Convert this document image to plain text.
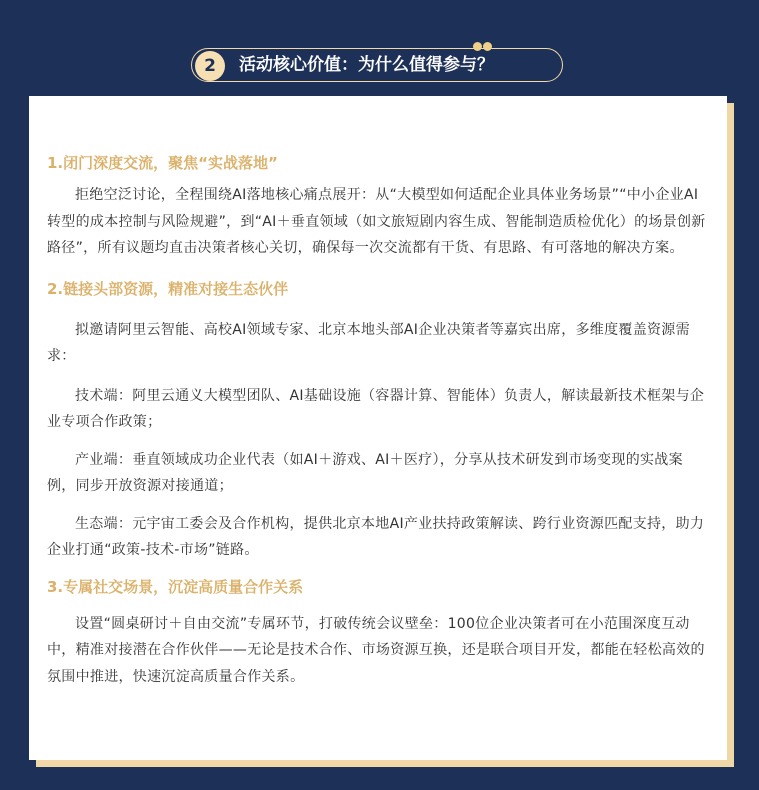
2	活动核心价值：为什么值得参与？
1.闭门深度交流，聚焦“实战落地”

拒绝空泛讨论，全程围绕AI落地核心痛点展开：从“大模型如何适配企业具体业务场景”“中小企业AI转型的成本控制与风险规避”，到“AI＋垂直领域（如文旅短剧内容生成、智能制造质检优化）的场景创新路径”，所有议题均直击决策者核心关切，确保每一次交流都有干货、有思路、有可落地的解决方案。

2.链接头部资源，精准对接生态伙伴

拟邀请阿里云智能、高校AI领域专家、北京本地头部AI企业决策者等嘉宾出席，多维度覆盖资源需求：

技术端：阿里云通义大模型团队、AI基础设施（容器计算、智能体）负责人，解读最新技术框架与企业专项合作政策；

产业端：垂直领域成功企业代表（如AI＋游戏、AI＋医疗），分享从技术研发到市场变现的实战案例，同步开放资源对接通道；

生态端：元宇宙工委会及合作机构，提供北京本地AI产业扶持政策解读、跨行业资源匹配支持，助力企业打通“政策-技术-市场”链路。

3.专属社交场景，沉淀高质量合作关系

设置“圆桌研讨＋自由交流”专属环节，打破传统会议壁垒：100位企业决策者可在小范围深度互动中，精准对接潜在合作伙伴——无论是技术合作、市场资源互换，还是联合项目开发，都能在轻松高效的氛围中推进，快速沉淀高质量合作关系。
